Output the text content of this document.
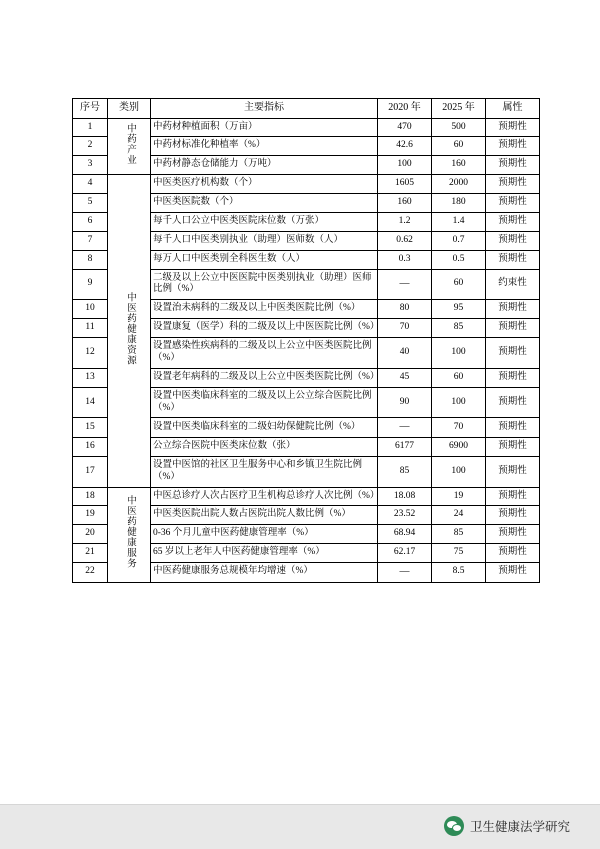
序号	类别	主要指标	2020 年	2025 年	属性
1	中药产业	中药材种植面积（万亩）	470	500	预期性
2		中药材标准化种植率（%）	42.6	60	预期性
3		中药材静态仓储能力（万吨）	100	160	预期性
4	中医药健康资源	中医类医疗机构数（个）	1605	2000	预期性
5		中医类医院数（个）	160	180	预期性
6		每千人口公立中医类医院床位数（万张）	1.2	1.4	预期性
7		每千人口中医类别执业（助理）医师数（人）	0.62	0.7	预期性
8		每万人口中医类别全科医生数（人）	0.3	0.5	预期性
9		二级及以上公立中医医院中医类别执业（助理）医师比例（%）	—	60	约束性
10		设置治未病科的二级及以上中医类医院比例（%）	80	95	预期性
11		设置康复（医学）科的二级及以上中医医院比例（%）	70	85	预期性
12		设置感染性疾病科的二级及以上公立中医类医院比例（%）	40	100	预期性
13		设置老年病科的二级及以上公立中医类医院比例（%）	45	60	预期性
14		设置中医类临床科室的二级及以上公立综合医院比例（%）	90	100	预期性
15		设置中医类临床科室的二级妇幼保健院比例（%）	—	70	预期性
16		公立综合医院中医类床位数（张）	6177	6900	预期性
17		设置中医馆的社区卫生服务中心和乡镇卫生院比例（%）	85	100	预期性
18	中医药健康服务	中医总诊疗人次占医疗卫生机构总诊疗人次比例（%）	18.08	19	预期性
19		中医类医院出院人数占医院出院人数比例（%）	23.52	24	预期性
20		0-36 个月儿童中医药健康管理率（%）	68.94	85	预期性
21		65 岁以上老年人中医药健康管理率（%）	62.17	75	预期性
22		中医药健康服务总规模年均增速（%）	—	8.5	预期性
卫生健康法学研究
